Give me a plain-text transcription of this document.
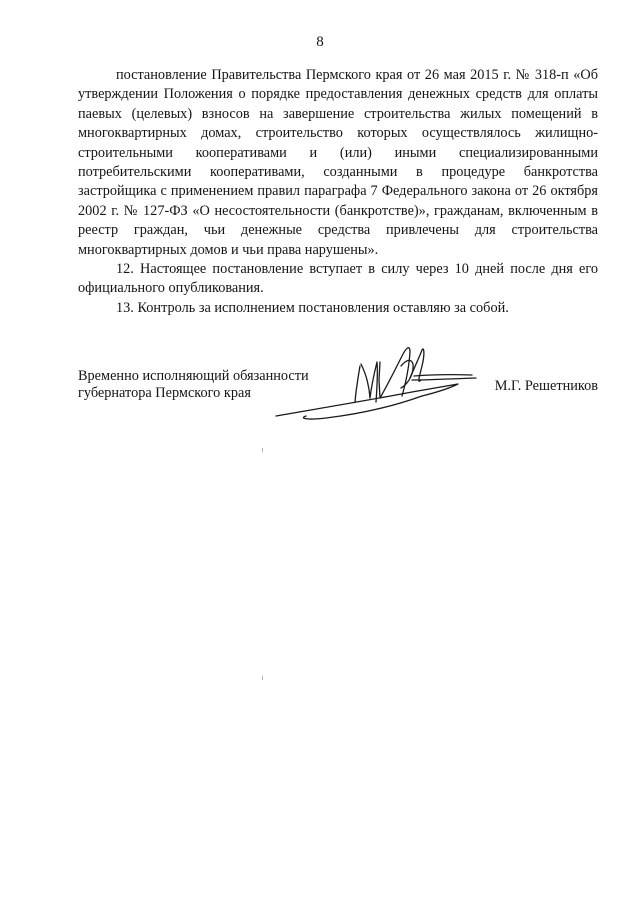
8

постановление Правительства Пермского края от 26 мая 2015 г. № 318-п «Об утверждении Положения о порядке предоставления денежных средств для оплаты паевых (целевых) взносов на завершение строительства жилых помещений в многоквартирных домах, строительство которых осуществлялось жилищно-строительными кооперативами и (или) иными специализированными потребительскими кооперативами, созданными в процедуре банкротства застройщика с применением правил параграфа 7 Федерального закона от 26 октября 2002 г. № 127-ФЗ «О несостоятельности (банкротстве)», гражданам, включенным в реестр граждан, чьи денежные средства привлечены для строительства многоквартирных домов и чьи права нарушены».

12. Настоящее постановление вступает в силу через 10 дней после дня его официального опубликования.

13. Контроль за исполнением постановления оставляю за собой.

Временно исполняющий обязанности
губернатора Пермского края	М.Г. Решетников
